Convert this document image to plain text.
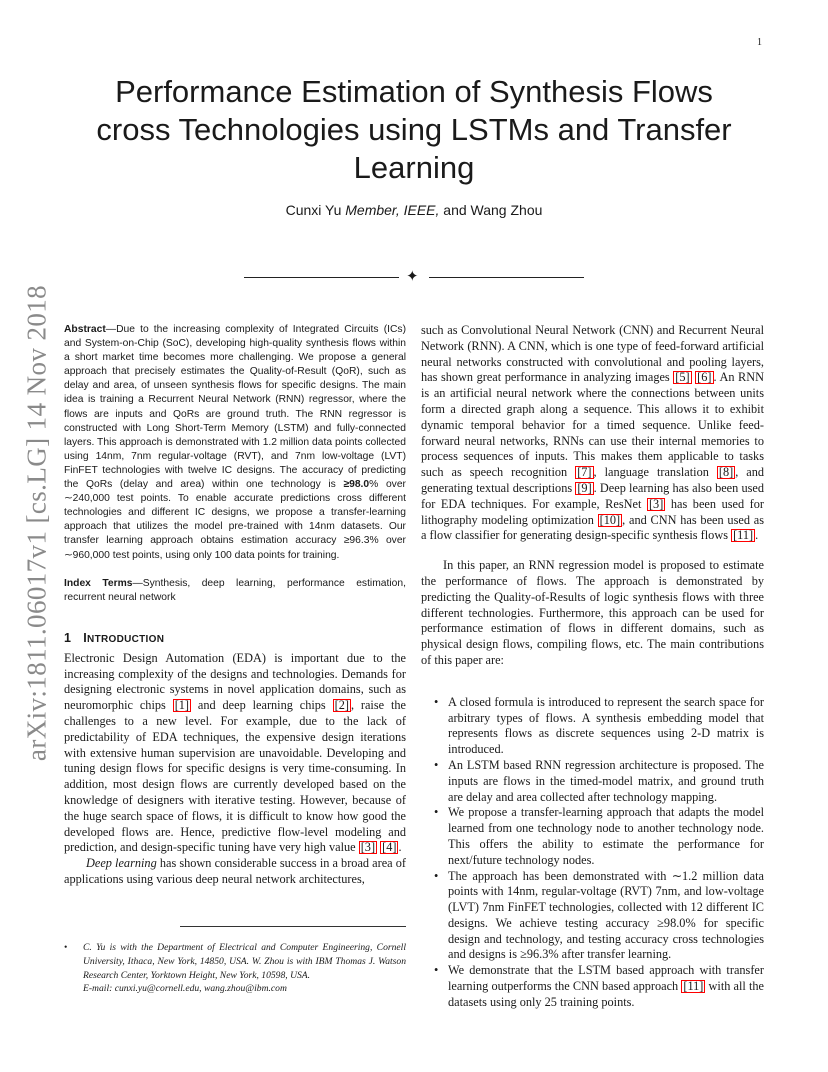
1
arXiv:1811.06017v1 [cs.LG] 14 Nov 2018
Performance Estimation of Synthesis Flows
cross Technologies using LSTMs and Transfer
Learning
Cunxi Yu Member, IEEE, and Wang Zhou
✦

Abstract—Due to the increasing complexity of Integrated Circuits (ICs) and System-on-Chip (SoC), developing high-quality synthesis flows within a short market time becomes more challenging. We propose a general approach that precisely estimates the Quality-of-Result (QoR), such as delay and area, of unseen synthesis flows for specific designs. The main idea is training a Recurrent Neural Network (RNN) regressor, where the flows are inputs and QoRs are ground truth. The RNN regressor is constructed with Long Short-Term Memory (LSTM) and fully-connected layers. This approach is demonstrated with 1.2 million data points collected using 14nm, 7nm regular-voltage (RVT), and 7nm low-voltage (LVT) FinFET technologies with twelve IC designs. The accuracy of predicting the QoRs (delay and area) within one technology is ≥98.0% over ∼240,000 test points. To enable accurate predictions cross different technologies and different IC designs, we propose a transfer-learning approach that utilizes the model pre-trained with 14nm datasets. Our transfer learning approach obtains estimation accuracy ≥96.3% over ∼960,000 test points, using only 100 data points for training.

Index Terms—Synthesis, deep learning, performance estimation, recurrent neural network

1 INTRODUCTION

Electronic Design Automation (EDA) is important due to the increasing complexity of the designs and technologies. Demands for designing electronic systems in novel application domains, such as neuromorphic chips [1] and deep learning chips [2] , raise the challenges to a new level. For example, due to the lack of predictability of EDA techniques, the expensive design iterations with extensive human supervision are unavoidable. Developing and tuning design flows for specific designs is very time-consuming. In addition, most design flows are currently developed based on the knowledge of designers with iterative testing. However, because of the huge search space of flows, it is difficult to know how good the developed flows are. Hence, predictive flow-level modeling and prediction, and design-specific tuning have very high value [3] [4] .

Deep learning has shown considerable success in a broad area of applications using various deep neural network architectures,

•	C. Yu is with the Department of Electrical and Computer Engineering, Cornell University, Ithaca, New York, 14850, USA. W. Zhou is with IBM Thomas J. Watson Research Center, Yorktown Height, New York, 10598, USA.
E-mail: cunxi.yu@cornell.edu, wang.zhou@ibm.com

such as Convolutional Neural Network (CNN) and Recurrent Neural Network (RNN). A CNN, which is one type of feed-forward artificial neural networks constructed with convolutional and pooling layers, has shown great performance in analyzing images [5] [6] . An RNN is an artificial neural network where the connections between units form a directed graph along a sequence. This allows it to exhibit dynamic temporal behavior for a timed sequence. Unlike feed-forward neural networks, RNNs can use their internal memories to process sequences of inputs. This makes them applicable to tasks such as speech recognition [7] , language translation [8] , and generating textual descriptions [9] . Deep learning has also been used for EDA techniques. For example, ResNet [3] has been used for lithography modeling optimization [10] , and CNN has been used as a flow classifier for generating design-specific synthesis flows [11] .

In this paper, an RNN regression model is proposed to estimate the performance of flows. The approach is demonstrated by predicting the Quality-of-Results of logic synthesis flows with three different technologies. Furthermore, this approach can be used for performance estimation of flows in different domains, such as physical design flows, compiling flows, etc. The main contributions of this paper are:

• A closed formula is introduced to represent the search space for arbitrary types of flows. A synthesis embedding model that represents flows as discrete sequences using 2-D matrix is introduced.
• An LSTM based RNN regression architecture is proposed. The inputs are flows in the timed-model matrix, and ground truth are delay and area collected after technology mapping.
• We propose a transfer-learning approach that adapts the model learned from one technology node to another technology node. This offers the ability to estimate the performance for next/future technology nodes.
• The approach has been demonstrated with ∼1.2 million data points with 14nm, regular-voltage (RVT) 7nm, and low-voltage (LVT) 7nm FinFET technologies, collected with 12 different IC designs. We achieve testing accuracy ≥98.0% for specific design and technology, and testing accuracy cross technologies and designs is ≥96.3% after transfer learning.
• We demonstrate that the LSTM based approach with transfer learning outperforms the CNN based approach [11] with all the datasets using only 25 training points.
